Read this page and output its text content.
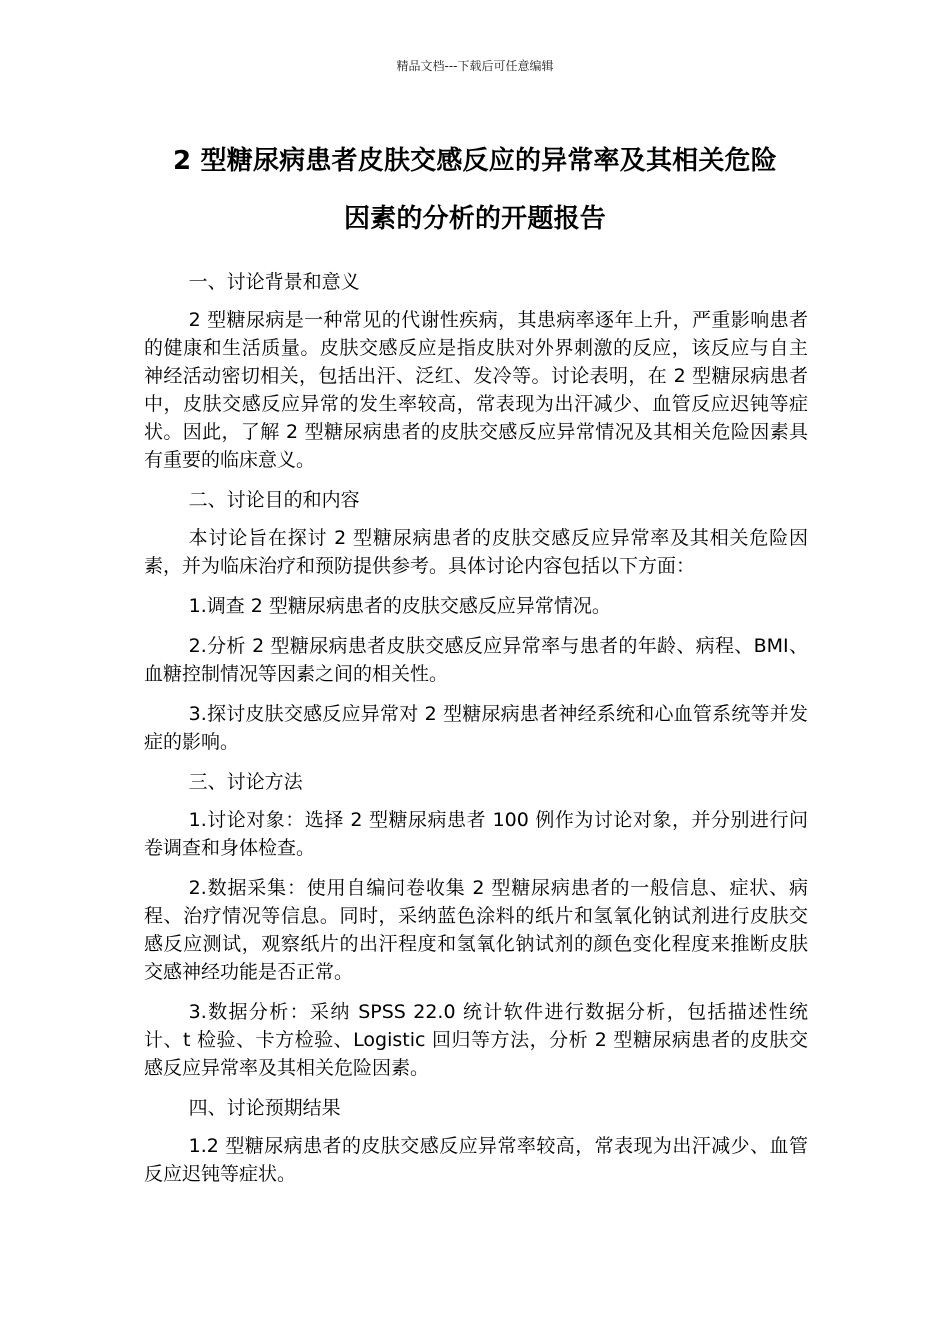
精品文档---下载后可任意编辑
2 型糖尿病患者皮肤交感反应的异常率及其相关危险
因素的分析的开题报告

一、讨论背景和意义

2 型糖尿病是一种常见的代谢性疾病，其患病率逐年上升，严重影响患者的健康和生活质量。皮肤交感反应是指皮肤对外界刺激的反应，该反应与自主神经活动密切相关，包括出汗、泛红、发冷等。讨论表明，在 2 型糖尿病患者中，皮肤交感反应异常的发生率较高，常表现为出汗减少、血管反应迟钝等症状。因此，了解 2 型糖尿病患者的皮肤交感反应异常情况及其相关危险因素具有重要的临床意义。

二、讨论目的和内容

本讨论旨在探讨 2 型糖尿病患者的皮肤交感反应异常率及其相关危险因素，并为临床治疗和预防提供参考。具体讨论内容包括以下方面：

1.调查 2 型糖尿病患者的皮肤交感反应异常情况。

2.分析 2 型糖尿病患者皮肤交感反应异常率与患者的年龄、病程、BMI、血糖控制情况等因素之间的相关性。

3.探讨皮肤交感反应异常对 2 型糖尿病患者神经系统和心血管系统等并发症的影响。

三、讨论方法

1.讨论对象：选择 2 型糖尿病患者 100 例作为讨论对象，并分别进行问卷调查和身体检查。

2.数据采集：使用自编问卷收集 2 型糖尿病患者的一般信息、症状、病程、治疗情况等信息。同时，采纳蓝色涂料的纸片和氢氧化钠试剂进行皮肤交感反应测试，观察纸片的出汗程度和氢氧化钠试剂的颜色变化程度来推断皮肤交感神经功能是否正常。

3.数据分析：采纳 SPSS 22.0 统计软件进行数据分析，包括描述性统计、t 检验、卡方检验、Logistic 回归等方法，分析 2 型糖尿病患者的皮肤交感反应异常率及其相关危险因素。

四、讨论预期结果

1.2 型糖尿病患者的皮肤交感反应异常率较高，常表现为出汗减少、血管反应迟钝等症状。
